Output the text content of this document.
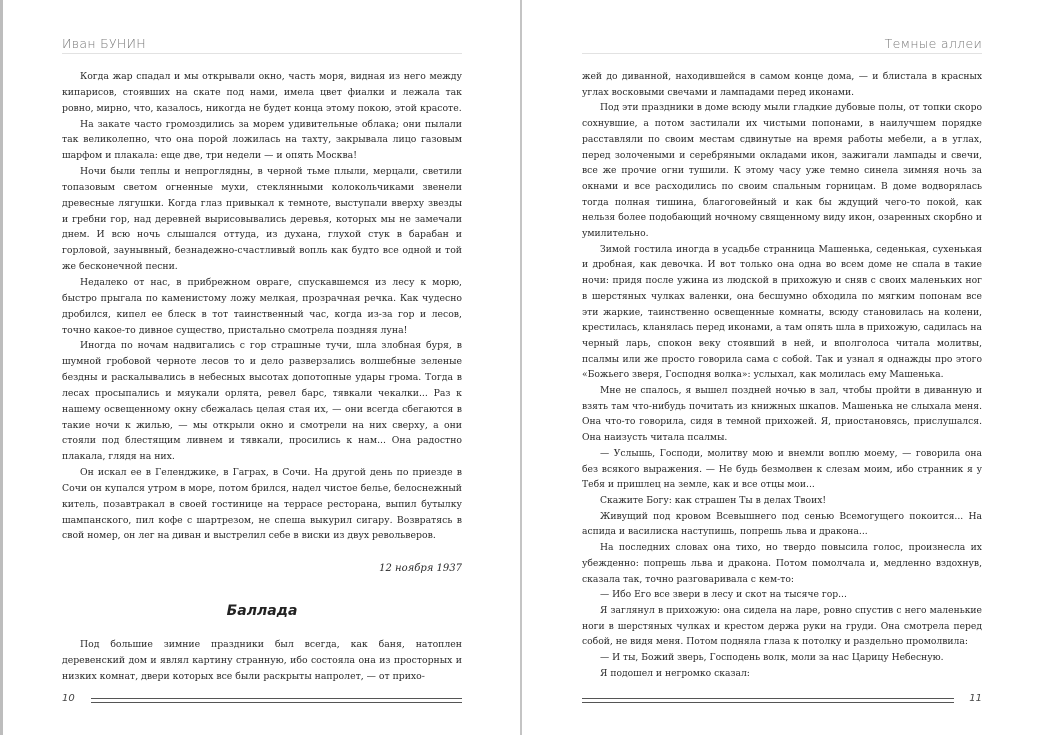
Иван БУНИН

Когда жар спадал и мы открывали окно, часть моря, видная из него между кипарисов, стоявших на скате под нами, имела цвет фиалки и лежала так ровно, мирно, что, казалось, никогда не будет конца этому покою, этой красоте.

На закате часто громоздились за морем удивительные облака; они пылали так великолепно, что она порой ложилась на тахту, закрывала лицо газовым шарфом и плакала: еще две, три недели — и опять Москва!

Ночи были теплы и непроглядны, в черной тьме плыли, мерцали, светили топазовым светом огненные мухи, стеклянными колокольчиками звенели древесные лягушки. Когда глаз привыкал к темноте, выступали вверху звезды и гребни гор, над деревней вырисовывались деревья, которых мы не замечали днем. И всю ночь слышался оттуда, из духана, глухой стук в барабан и горловой, заунывный, безнадежно-счастливый вопль как будто все одной и той же бесконечной песни.

Недалеко от нас, в прибрежном овраге, спускавшемся из лесу к морю, быстро прыгала по каменистому ложу мелкая, прозрачная речка. Как чудесно дробился, кипел ее блеск в тот таинственный час, когда из-за гор и лесов, точно какое-то дивное существо, пристально смотрела поздняя луна!

Иногда по ночам надвигались с гор страшные тучи, шла злобная буря, в шумной гробовой черноте лесов то и дело разверзались волшебные зеленые бездны и раскалывались в небесных высотах допотопные удары грома. Тогда в лесах просыпались и мяукали орлята, ревел барс, тявкали чекалки... Раз к нашему освещенному окну сбежалась целая стая их, — они всегда сбегаются в такие ночи к жилью, — мы открыли окно и смотрели на них сверху, а они стояли под блестящим ливнем и тявкали, просились к нам... Она радостно плакала, глядя на них.

Он искал ее в Геленджике, в Гаграх, в Сочи. На другой день по приезде в Сочи он купался утром в море, потом брился, надел чистое белье, белоснежный китель, позавтракал в своей гостинице на террасе ресторана, выпил бутылку шампанского, пил кофе с шартрезом, не спеша выкурил сигару. Возвратясь в свой номер, он лег на диван и выстрелил себе в виски из двух револьверов.

12 ноября 1937

Баллада

Под большие зимние праздники был всегда, как баня, натоплен деревенский дом и являл картину странную, ибо состояла она из просторных и низких комнат, двери которых все были раскрыты напролет, — от прихо-

10
Темные аллеи

жей до диванной, находившейся в самом конце дома, — и блистала в красных углах восковыми свечами и лампадами перед иконами.

Под эти праздники в доме всюду мыли гладкие дубовые полы, от топки скоро сохнувшие, а потом застилали их чистыми попонами, в наилучшем порядке расставляли по своим местам сдвинутые на время работы мебели, а в углах, перед золочеными и серебряными окладами икон, зажигали лампады и свечи, все же прочие огни тушили. К этому часу уже темно синела зимняя ночь за окнами и все расходились по своим спальным горницам. В доме водворялась тогда полная тишина, благоговейный и как бы ждущий чего-то покой, как нельзя более подобающий ночному священному виду икон, озаренных скорбно и умилительно.

Зимой гостила иногда в усадьбе странница Машенька, седенькая, сухенькая и дробная, как девочка. И вот только она одна во всем доме не спала в такие ночи: придя после ужина из людской в прихожую и сняв с своих маленьких ног в шерстяных чулках валенки, она бесшумно обходила по мягким попонам все эти жаркие, таинственно освещенные комнаты, всюду становилась на колени, крестилась, кланялась перед иконами, а там опять шла в прихожую, садилась на черный ларь, спокон веку стоявший в ней, и вполголоса читала молитвы, псалмы или же просто говорила сама с собой. Так и узнал я однажды про этого «Божьего зверя, Господня волка»: услыхал, как молилась ему Машенька.

Мне не спалось, я вышел поздней ночью в зал, чтобы пройти в диванную и взять там что-нибудь почитать из книжных шкапов. Машенька не слыхала меня. Она что-то говорила, сидя в темной прихожей. Я, приостановясь, прислушался. Она наизусть читала псалмы.

— Услышь, Господи, молитву мою и внемли воплю моему, — говорила она без всякого выражения. — Не будь безмолвен к слезам моим, ибо странник я у Тебя и пришлец на земле, как и все отцы мои...

Скажите Богу: как страшен Ты в делах Твоих!

Живущий под кровом Всевышнего под сенью Всемогущего покоится... На аспида и василиска наступишь, попрешь льва и дракона...

На последних словах она тихо, но твердо повысила голос, произнесла их убежденно: попрешь льва и дракона. Потом помолчала и, медленно вздохнув, сказала так, точно разговаривала с кем-то:

— Ибо Его все звери в лесу и скот на тысяче гор...

Я заглянул в прихожую: она сидела на ларе, ровно спустив с него маленькие ноги в шерстяных чулках и крестом держа руки на груди. Она смотрела перед собой, не видя меня. Потом подняла глаза к потолку и раздельно промолвила:

— И ты, Божий зверь, Господень волк, моли за нас Царицу Небесную.

Я подошел и негромко сказал:

11
